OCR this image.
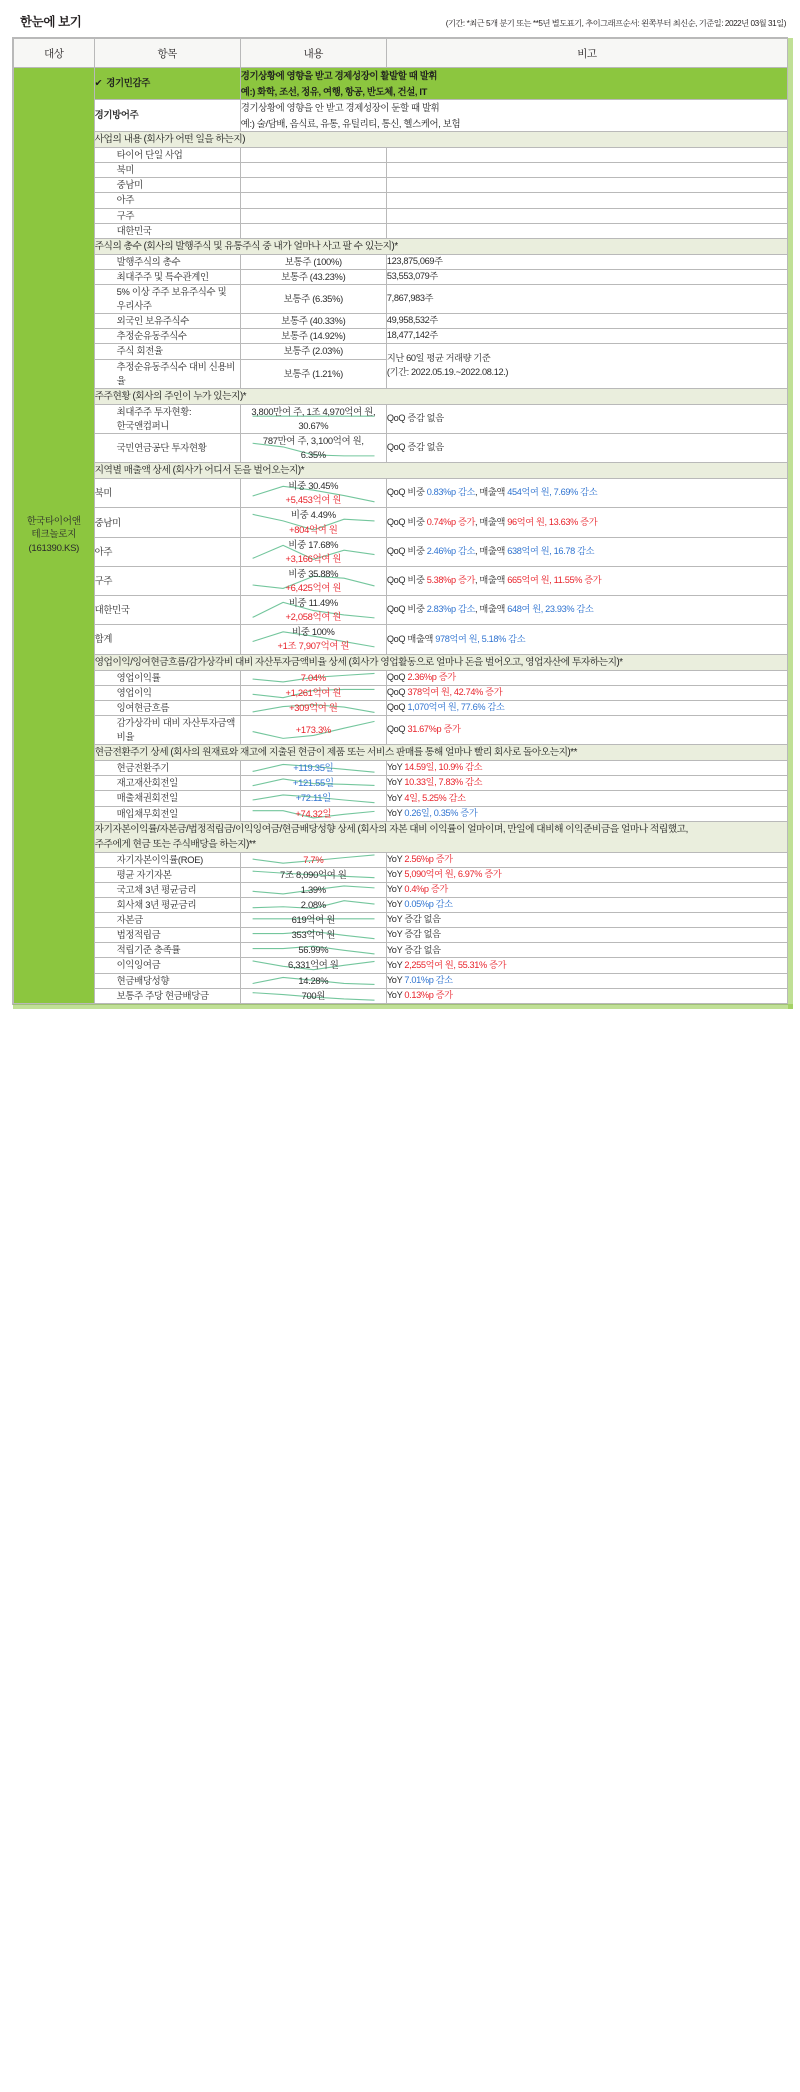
한눈에 보기	(기간: *최근 5개 분기 또는 **5년 별도표기, 추이그래프순서: 왼쪽부터 최신순, 기준일: 2022년 03월 31일)
대상	항목	내용	비고

한국타이어앤
테크놀로지
(161390.KS)
	✔ 경기민감주	
경기상황에 영향을 받고 경제성장이 활발할 때 발휘
예:) 화학, 조선, 정유, 여행, 항공, 반도체, 건설, IT

	경기방어주	경기상황에 영향을 안 받고 경제성장이 둔할 때 발휘
예:) 술/담배, 음식료, 유통, 유틸리티, 통신, 헬스케어, 보험	

	사업의 내용 (회사가 어떤 일을 하는지)		
	타이어 단일 사업		
	북미		
	중남미		
	아주		
	구주		
	대한민국		
	주식의 총수 (회사의 발행주식 및 유통주식 중 내가 얼마나 사고 팔 수 있는지)*		

	발행주식의 총수	보통주 (100%)	123,875,069주

	최대주주 및 특수관계인	보통주 (43.23%)	53,553,079주

	5% 이상 주주 보유주식수 및
우리사주	보통주 (6.35%)	7,867,983주

	외국인 보유주식수	보통주 (40.33%)	49,958,532주

	추정순유동주식수	보통주 (14.92%)	18,477,142주

	주식 회전율	보통주 (2.03%)	지난 60일 평균 거래량 기준
(기간: 2022.05.19.~2022.08.12.)

	추정순유동주식수 대비 신용비율	보통주 (1.21%)	
	주주현황 (회사의 주인이 누가 있는지)*		

최대주주 투자현황:
한국앤컴퍼니

3,800만여 주, 1조 4,970억여 원,
30.67%
	QoQ 증감 없음

	국민연금공단 투자현황	787만여 주, 3,100억여 원,
6.35%	QoQ 증감 없음
	지역별 매출액 상세 (회사가 어디서 돈을 벌어오는지)*		
	북미	비중 30.45%
+5,453억여 원	QoQ 비중 0.83%p 감소, 매출액 454억여 원, 7.69% 감소
	중남미	비중 4.49%
+804억여 원	QoQ 비중 0.74%p 증가, 매출액 96억여 원, 13.63% 증가
	아주	비중 17.68%
+3,166억여 원	QoQ 비중 2.46%p 감소, 매출액 638억여 원, 16.78 감소
	구주	비중 35.88%
+6,425억여 원	QoQ 비중 5.38%p 증가, 매출액 665억여 원, 11.55% 증가
	대한민국	비중 11.49%
+2,058억여 원	QoQ 비중 2.83%p 감소, 매출액 648여 원, 23.93% 감소
	합계	비중 100%
+1조 7,907억여 원	QoQ 매출액 978억여 원, 5.18% 감소
	영업이익/잉여현금흐름/감가상각비 대비 자산투자금액비율 상세 (회사가 영업활동으로 얼마나 돈을 벌어오고, 영업자산에 투자하는지)*		
	영업이익률	7.04%	QoQ 2.36%p 증가
	영업이익	+1,261억여 원	QoQ 378억여 원, 42.74% 증가
	잉여현금흐름	+309억여 원	QoQ 1,070억여 원, 77.6% 감소
	감가상각비 대비 자산투자금액비율	+173.3%	QoQ 31.67%p 증가
	현금전환주기 상세 (회사의 원재료와 재고에 지출된 현금이 제품 또는 서비스 판매를 통해 얼마나 빨리 회사로 돌아오는지)**		
	현금전환주기	+119.35일	YoY 14.59일, 10.9% 감소
	재고재산회전일	+121.55일	YoY 10.33일, 7.83% 감소
	매출채권회전일	+72.11일	YoY 4일, 5.25% 감소
	매입채무회전일	+74.32일	YoY 0.26일, 0.35% 증가

	자기자본이익률/자본금/법정적립금/이익잉여금/현금배당성향 상세 (회사의 자본 대비 이익률이 얼마이며, 만일에 대비해 이익준비금을 얼마나 적립했고,
주주에게 현금 또는 주식배당을 하는지)**		

	자기자본이익률(ROE)	7.7%	YoY 2.56%p 증가
	평균 자기자본	7조 8,090억여 원	YoY 5,090억여 원, 6.97% 증가
	국고채 3년 평균금리	1.39%	YoY 0.4%p 증가
	회사채 3년 평균금리	2.08%	YoY 0.05%p 감소
	자본금	619억여 원	YoY 증감 없음
	법정적립금	353억여 원	YoY 증감 없음
	적립기준 충족률	56.99%	YoY 증감 없음
	이익잉여금	6,331억여 원	YoY 2,255억여 원, 55.31% 증가
	현금배당성향	14.28%	YoY 7.01%p 감소
	보통주 주당 현금배당금	700원	YoY 0.13%p 증가
